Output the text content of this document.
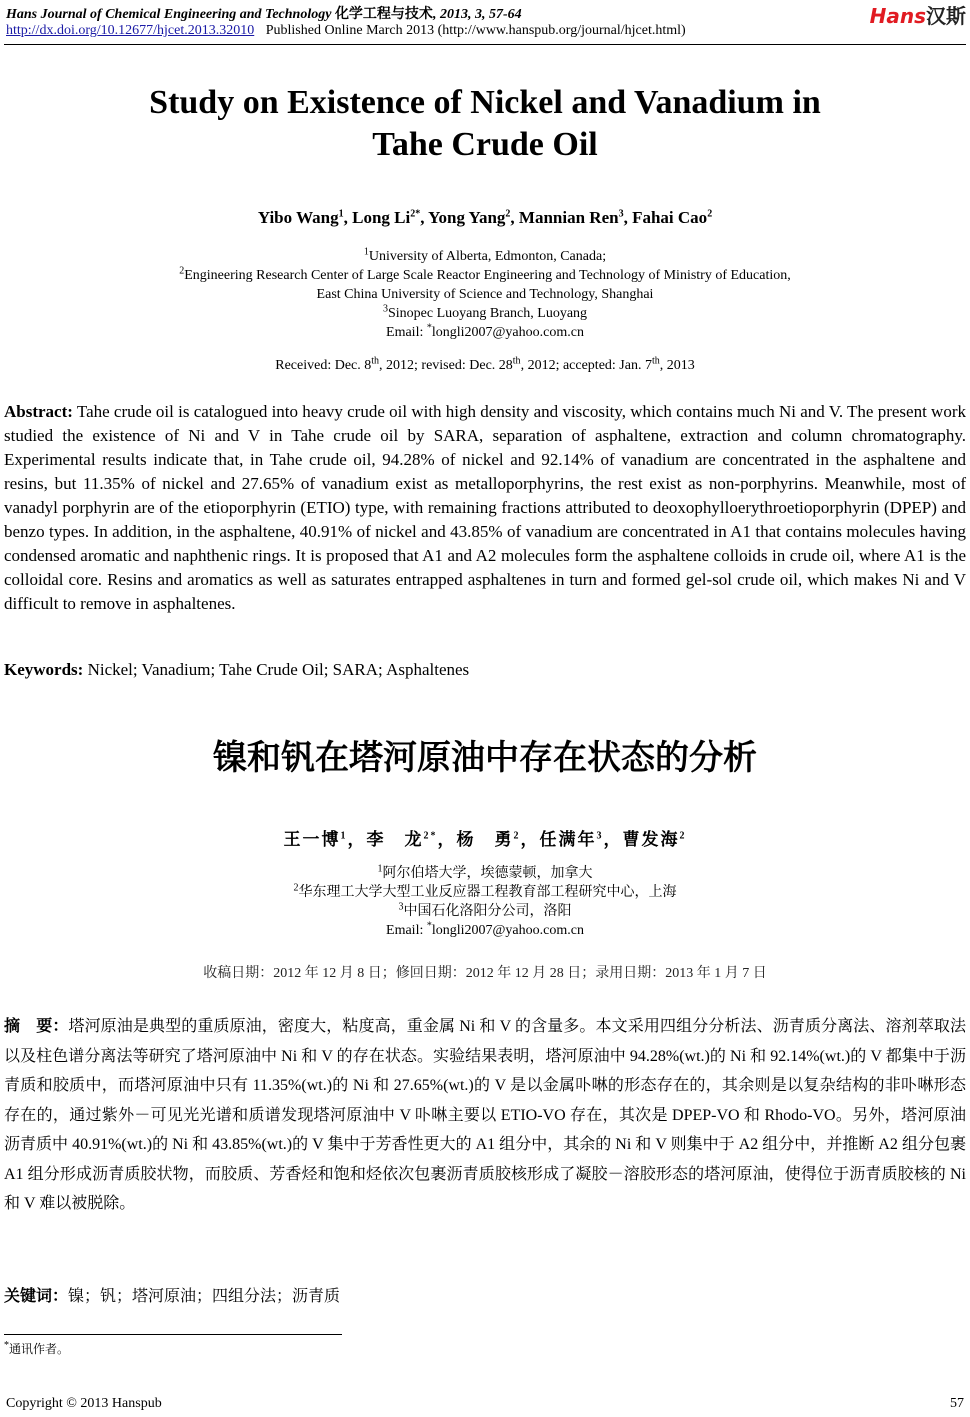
Hans Journal of Chemical Engineering and Technology 化学工程与技术, 2013, 3, 57-64
http://dx.doi.org/10.12677/hjcet.2013.32010 Published Online March 2013 (http://www.hanspub.org/journal/hjcet.html)
Hans汉斯
Study on Existence of Nickel and Vanadium in
Tahe Crude Oil
Yibo Wang$^1$, Long $Li^{2*}$, Yong Yang$^2$, Mannian Ren$^3$, Fahai Cao$^2$
$^1$University of Alberta, Edmonton, Canada;
$^2$Engineering Research Center of Large Scale Reactor Engineering and Technology of Ministry of Education,
East China University of Science and Technology, Shanghai
$^3$Sinopec Luoyang Branch, Luoyang
Email: *longli2007@yahoo.com.cn
Received: Dec. 8th, 2012; revised: Dec. 28th, 2012; accepted: Jan. 7th, 2013
Abstract: Tahe crude oil is catalogued into heavy crude oil with high density and viscosity, which contains much Ni and V. The present work studied the existence of Ni and V in Tahe crude oil by SARA, separation of asphaltene, extraction and column chromatography. Experimental results indicate that, in Tahe crude oil, 94.28% of nickel and 92.14% of vanadium are concentrated in the asphaltene and resins, but 11.35% of nickel and 27.65% of vanadium exist as metalloporphyrins, the rest exist as non-porphyrins. Meanwhile, most of vanadyl porphyrin are of the etioporphyrin (ETIO) type, with remaining fractions attributed to deoxophylloerythroetioporphyrin (DPEP) and benzo types. In addition, in the asphaltene, 40.91% of nickel and 43.85% of vanadium are concentrated in A1 that contains molecules having condensed aromatic and naphthenic rings. It is proposed that A1 and A2 molecules form the asphaltene colloids in crude oil, where A1 is the colloidal core. Resins and aromatics as well as saturates entrapped asphaltenes in turn and formed gel-sol crude oil, which makes Ni and V difficult to remove in asphaltenes.
Keywords: Nickel; Vanadium; Tahe Crude Oil; SARA; Asphaltenes
镍和钒在塔河原油中存在状态的分析
王一博$^1$，李　龙$^{2*}$，杨　勇$^2$，任满年$^3$，曹发海$^2$
$^1$阿尔伯塔大学，埃德蒙顿，加拿大
$^2$华东理工大学大型工业反应器工程教育部工程研究中心，上海
$^3$中国石化洛阳分公司，洛阳
Email: *longli2007@yahoo.com.cn
收稿日期：2012 年 12 月 8 日；修回日期：2012 年 12 月 28 日；录用日期：2013 年 1 月 7 日
摘　要：塔河原油是典型的重质原油，密度大，粘度高，重金属 Ni 和 V 的含量多。本文采用四组分分析法、沥青质分离法、溶剂萃取法以及柱色谱分离法等研究了塔河原油中 Ni 和 V 的存在状态。实验结果表明，塔河原油中 94.28%(wt.)的 Ni 和 92.14%(wt.)的 V 都集中于沥青质和胶质中，而塔河原油中只有 11.35%(wt.)的 Ni 和 27.65%(wt.)的 V 是以金属卟啉的形态存在的，其余则是以复杂结构的非卟啉形态存在的，通过紫外－可见光光谱和质谱发现塔河原油中 V 卟啉主要以 ETIO-VO 存在，其次是 DPEP-VO 和 Rhodo-VO。另外，塔河原油沥青质中 40.91%(wt.)的 Ni 和 43.85%(wt.)的 V 集中于芳香性更大的 A1 组分中，其余的 Ni 和 V 则集中于 A2 组分中，并推断 A2 组分包裹 A1 组分形成沥青质胶状物，而胶质、芳香烃和饱和烃依次包裹沥青质胶核形成了凝胶－溶胶形态的塔河原油，使得位于沥青质胶核的 Ni 和 V 难以被脱除。
关键词：镍；钒；塔河原油；四组分法；沥青质
*通讯作者。
Copyright © 2013 Hanspub	57
